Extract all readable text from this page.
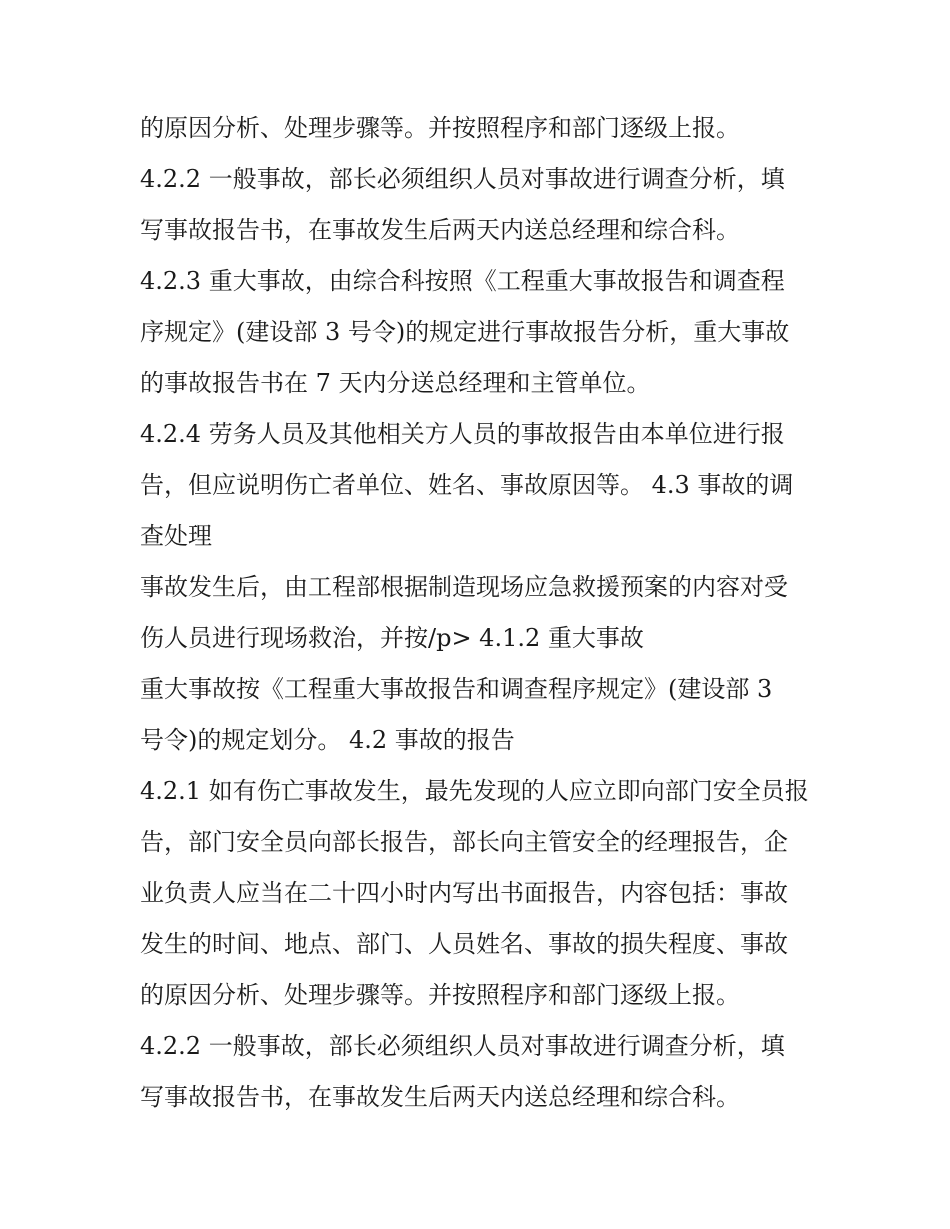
的原因分析、处理步骤等。并按照程序和部门逐级上报。
4.2.2 一般事故，部长必须组织人员对事故进行调查分析，填
写事故报告书，在事故发生后两天内送总经理和综合科。
4.2.3 重大事故，由综合科按照《工程重大事故报告和调查程
序规定》(建设部 3 号令)的规定进行事故报告分析，重大事故
的事故报告书在 7 天内分送总经理和主管单位。
4.2.4 劳务人员及其他相关方人员的事故报告由本单位进行报
告，但应说明伤亡者单位、姓名、事故原因等。 4.3 事故的调
查处理
事故发生后，由工程部根据制造现场应急救援预案的内容对受
伤人员进行现场救治，并按/p> 4.1.2 重大事故
重大事故按《工程重大事故报告和调查程序规定》(建设部 3
号令)的规定划分。 4.2 事故的报告
4.2.1 如有伤亡事故发生，最先发现的人应立即向部门安全员报
告，部门安全员向部长报告，部长向主管安全的经理报告，企
业负责人应当在二十四小时内写出书面报告，内容包括：事故
发生的时间、地点、部门、人员姓名、事故的损失程度、事故
的原因分析、处理步骤等。并按照程序和部门逐级上报。
4.2.2 一般事故，部长必须组织人员对事故进行调查分析，填
写事故报告书，在事故发生后两天内送总经理和综合科。
